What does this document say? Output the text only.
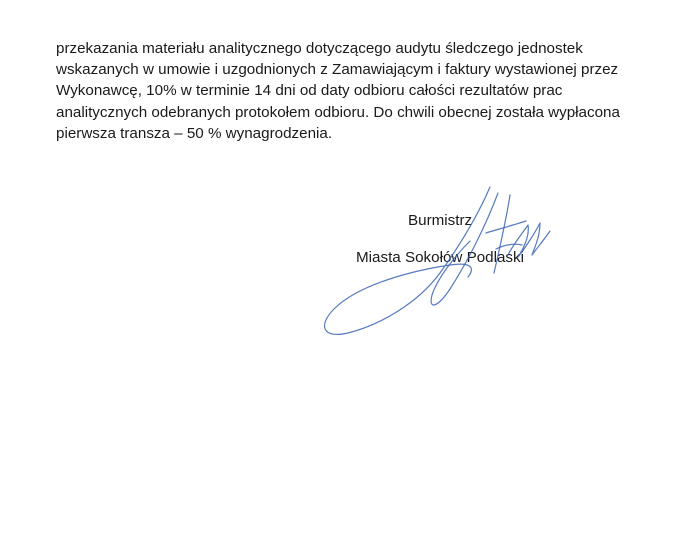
przekazania materiału analitycznego dotyczącego audytu śledczego jednostek
wskazanych w umowie i uzgodnionych z Zamawiającym i faktury wystawionej przez
Wykonawcę, 10% w terminie 14 dni od daty odbioru całości rezultatów prac
analitycznych odebranych protokołem odbioru. Do chwili obecnej została wypłacona
pierwsza transza – 50 % wynagrodzenia.

Burmistrz
Miasta Sokołów Podlaski
